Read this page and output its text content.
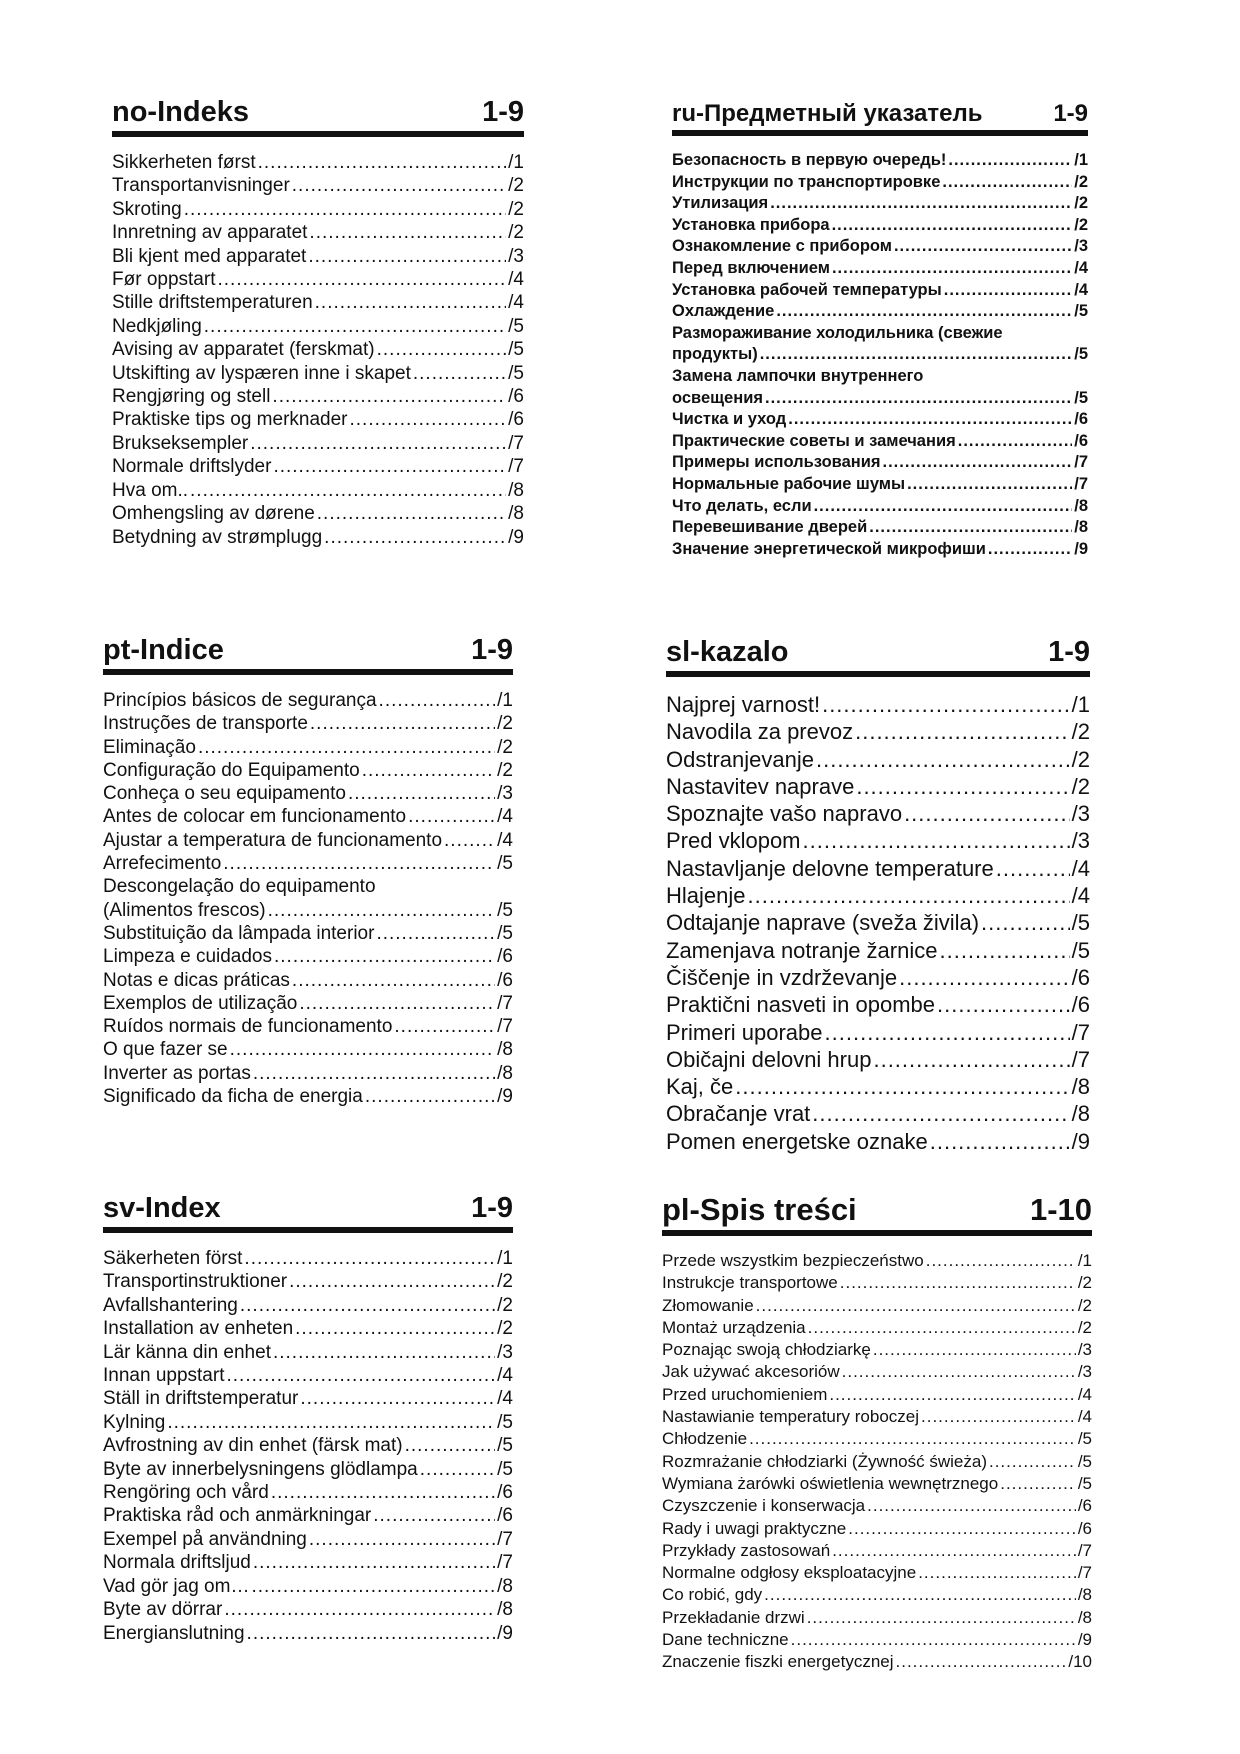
no-Indeks	1-9
Sikkerheten først .....	/1
Transportanvisninger .....	/2
Skroting .....	/2
Innretning av apparatet .....	/2
Bli kjent med apparatet .....	/3
Før oppstart .....	/4
Stille driftstemperaturen .....	/4
Nedkjøling .....	/5
Avising av apparatet (ferskmat) .....	/5
Utskifting av lyspæren inne i skapet .....	/5
Rengjøring og stell .....	/6
Praktiske tips og merknader .....	/6
Brukseksempler .....	/7
Normale driftslyder .....	/7
Hva om.. .....	/8
Omhengsling av dørene .....	/8
Betydning av strømplugg .....	/9
ru-Предметный указатель	1-9
Безопасность в первую очередь! .....	/1
Инструкции по транспортировке .....	/2
Утилизация .....	/2
Установка прибора .....	/2
Ознакомление с прибором .....	/3
Перед включением .....	/4
Установка рабочей температуры .....	/4
Охлаждение .....	/5
Размораживание холодильника (свежие
продукты) .....	/5
Замена лампочки внутреннего
освещения .....	/5
Чистка и уход .....	/6
Практические советы и замечания .....	/6
Примеры использования .....	/7
Нормальные рабочие шумы .....	/7
Что делать, если .....	/8
Перевешивание дверей .....	/8
Значение энергетической микрофиши .....	/9
pt-Indice	1-9
Princípios básicos de segurança .....	/1
Instruções de transporte .....	/2
Eliminação .....	/2
Configuração do Equipamento .....	/2
Conheça o seu equipamento .....	/3
Antes de colocar em funcionamento .....	/4
Ajustar a temperatura de funcionamento .....	/4
Arrefecimento .....	/5
Descongelação do equipamento
(Alimentos frescos) .....	/5
Substituição da lâmpada interior .....	/5
Limpeza e cuidados .....	/6
Notas e dicas práticas .....	/6
Exemplos de utilização .....	/7
Ruídos normais de funcionamento .....	/7
O que fazer se .....	/8
Inverter as portas .....	/8
Significado da ficha de energia .....	/9
sl-kazalo	1-9
Najprej varnost! .....	/1
Navodila za prevoz .....	/2
Odstranjevanje .....	/2
Nastavitev naprave .....	/2
Spoznajte vašo napravo .....	/3
Pred vklopom .....	/3
Nastavljanje delovne temperature .....	/4
Hlajenje .....	/4
Odtajanje naprave (sveža živila) .....	/5
Zamenjava notranje žarnice .....	/5
Čiščenje in vzdrževanje .....	/6
Praktični nasveti in opombe .....	/6
Primeri uporabe .....	/7
Običajni delovni hrup .....	/7
Kaj, če .....	/8
Obračanje vrat .....	/8
Pomen energetske oznake .....	/9
sv-Index	1-9
Säkerheten först .....	/1
Transportinstruktioner .....	/2
Avfallshantering .....	/2
Installation av enheten .....	/2
Lär känna din enhet .....	/3
Innan uppstart .....	/4
Ställ in driftstemperatur .....	/4
Kylning .....	/5
Avfrostning av din enhet (färsk mat) .....	/5
Byte av innerbelysningens glödlampa .....	/5
Rengöring och vård .....	/6
Praktiska råd och anmärkningar .....	/6
Exempel på användning .....	/7
Normala driftsljud .....	/7
Vad gör jag om… .....	/8
Byte av dörrar .....	/8
Energianslutning .....	/9
pl-Spis treści	1-10
Przede wszystkim bezpieczeństwo .....	/1
Instrukcje transportowe .....	/2
Złomowanie .....	/2
Montaż urządzenia .....	/2
Poznając swoją chłodziarkę .....	/3
Jak używać akcesoriów .....	/3
Przed uruchomieniem .....	/4
Nastawianie temperatury roboczej .....	/4
Chłodzenie .....	/5
Rozmrażanie chłodziarki (Żywność świeża) .....	/5
Wymiana żarówki oświetlenia wewnętrznego .....	/5
Czyszczenie i konserwacja .....	/6
Rady i uwagi praktyczne .....	/6
Przykłady zastosowań .....	/7
Normalne odgłosy eksploatacyjne .....	/7
Co robić, gdy .....	/8
Przekładanie drzwi .....	/8
Dane techniczne .....	/9
Znaczenie fiszki energetycznej .....	/10
